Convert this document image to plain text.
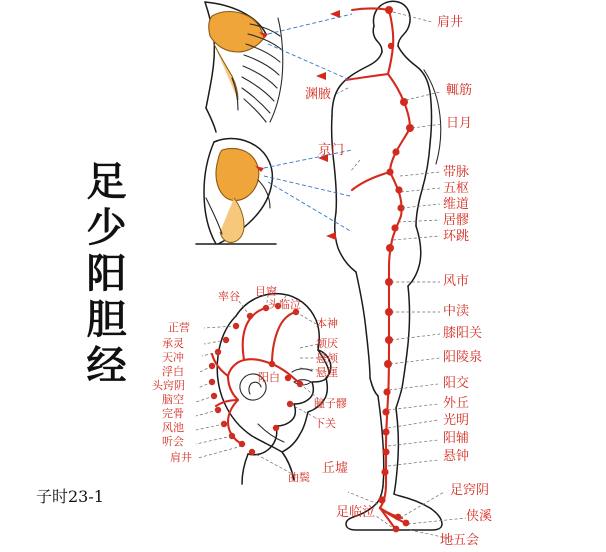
足少阳胆经
子时23-1
肩井
輒筋
日月
带脉
五枢
维道
居髎
环跳
风市
中渎
膝阳关
阳陵泉
阳交
外丘
光明
阳辅
悬钟
足窍阴
渊腋
京门
丘墟
足临泣	侠溪
地五会
率谷 目窗
头临泣
正营
承灵
天冲
浮白
头窍阴
脑空
完骨
风池
听会
肩井
本神
颔厌
悬颅
悬厘
阳白
瞳子髎
下关
曲鬓
